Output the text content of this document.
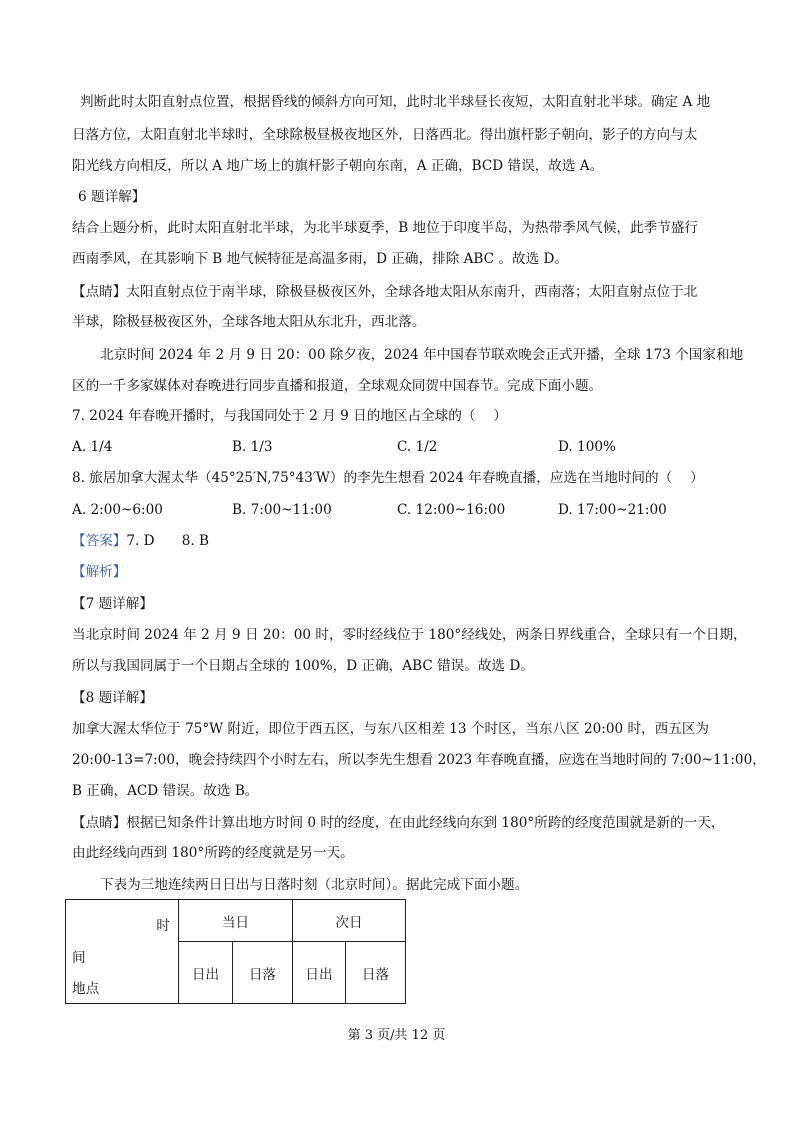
判断此时太阳直射点位置，根据昏线的倾斜方向可知，此时北半球昼长夜短，太阳直射北半球。确定 A 地
日落方位，太阳直射北半球时，全球除极昼极夜地区外，日落西北。得出旗杆影子朝向，影子的方向与太
阳光线方向相反，所以 A 地广场上的旗杆影子朝向东南，A 正确，BCD 错误，故选 A。
6 题详解】
结合上题分析，此时太阳直射北半球，为北半球夏季，B 地位于印度半岛，为热带季风气候，此季节盛行
西南季风，在其影响下 B 地气候特征是高温多雨，D 正确，排除 ABC 。故选 D。
【点睛】太阳直射点位于南半球，除极昼极夜区外，全球各地太阳从东南升，西南落；太阳直射点位于北
半球，除极昼极夜区外，全球各地太阳从东北升，西北落。
北京时间 2024 年 2 月 9 日 20：00 除夕夜，2024 年中国春节联欢晚会正式开播，全球 173 个国家和地
区的一千多家媒体对春晚进行同步直播和报道，全球观众同贺中国春节。完成下面小题。
7. 2024 年春晚开播时，与我国同处于 2 月 9 日的地区占全球的（　 ）
A. 1/4	B. 1/3	C. 1/2	D. 100%
8. 旅居加拿大渥太华（45°25′N,75°43′W）的李先生想看 2024 年春晚直播，应选在当地时间的（　 ）
A. 2:00~6:00	B. 7:00~11:00	C. 12:00~16:00	D. 17:00~21:00
【答案】7. D　　8. B
【解析】
【7 题详解】
当北京时间 2024 年 2 月 9 日 20：00 时，零时经线位于 180°经线处，两条日界线重合，全球只有一个日期，
所以与我国同属于一个日期占全球的 100%，D 正确，ABC 错误。故选 D。
【8 题详解】
加拿大渥太华位于 75°W 附近，即位于西五区，与东八区相差 13 个时区，当东八区 20:00 时，西五区为
20:00-13=7:00，晚会持续四个小时左右，所以李先生想看 2023 年春晚直播，应选在当地时间的 7:00~11:00，
B 正确，ACD 错误。故选 B。
【点睛】根据已知条件计算出地方时间 0 时的经度，在由此经线向东到 180°所跨的经度范围就是新的一天，
由此经线向西到 180°所跨的经度就是另一天。
下表为三地连续两日日出与日落时刻（北京时间）。据此完成下面小题。
时
间
地点	当日		次日	
	日出	日落	日出	日落
第 3 页/共 12 页
